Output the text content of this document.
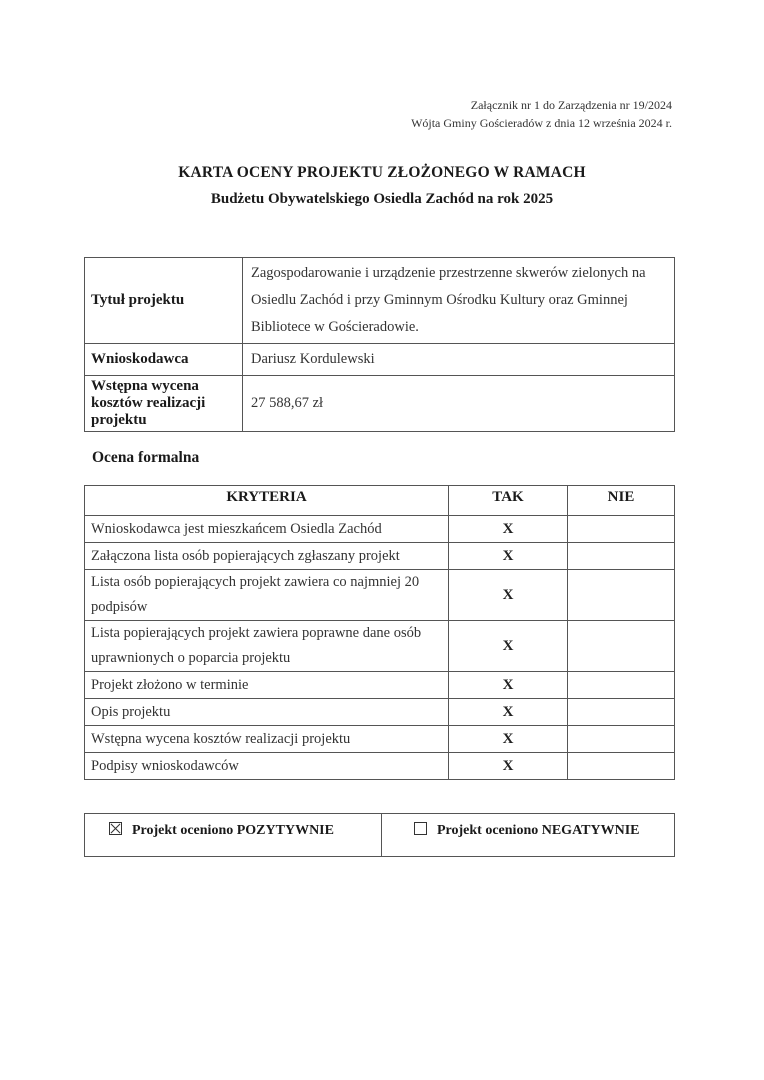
Załącznik nr 1 do Zarządzenia nr 19/2024
Wójta Gminy Gościeradów z dnia 12 września 2024 r.
KARTA OCENY PROJEKTU ZŁOŻONEGO W RAMACH
Budżetu Obywatelskiego Osiedla Zachód na rok 2025
Tytuł projektu	Zagospodarowanie i urządzenie przestrzenne skwerów zielonych na Osiedlu Zachód i przy Gminnym Ośrodku Kultury oraz Gminnej Bibliotece w Gościeradowie.
Wnioskodawca	Dariusz Kordulewski
Wstępna wycena kosztów realizacji projektu	27 588,67 zł
Ocena formalna
KRYTERIA	TAK	NIE
Wnioskodawca jest mieszkańcem Osiedla Zachód	X	
Załączona lista osób popierających zgłaszany projekt	X	
Lista osób popierających projekt zawiera co najmniej 20 podpisów	X	
Lista popierających projekt zawiera poprawne dane osób uprawnionych o poparcia projektu	X	
Projekt złożono w terminie	X	
Opis projektu	X	
Wstępna wycena kosztów realizacji projektu	X	
Podpisy wnioskodawców	X	
Projekt oceniono POZYTYWNIE	Projekt oceniono NEGATYWNIE
